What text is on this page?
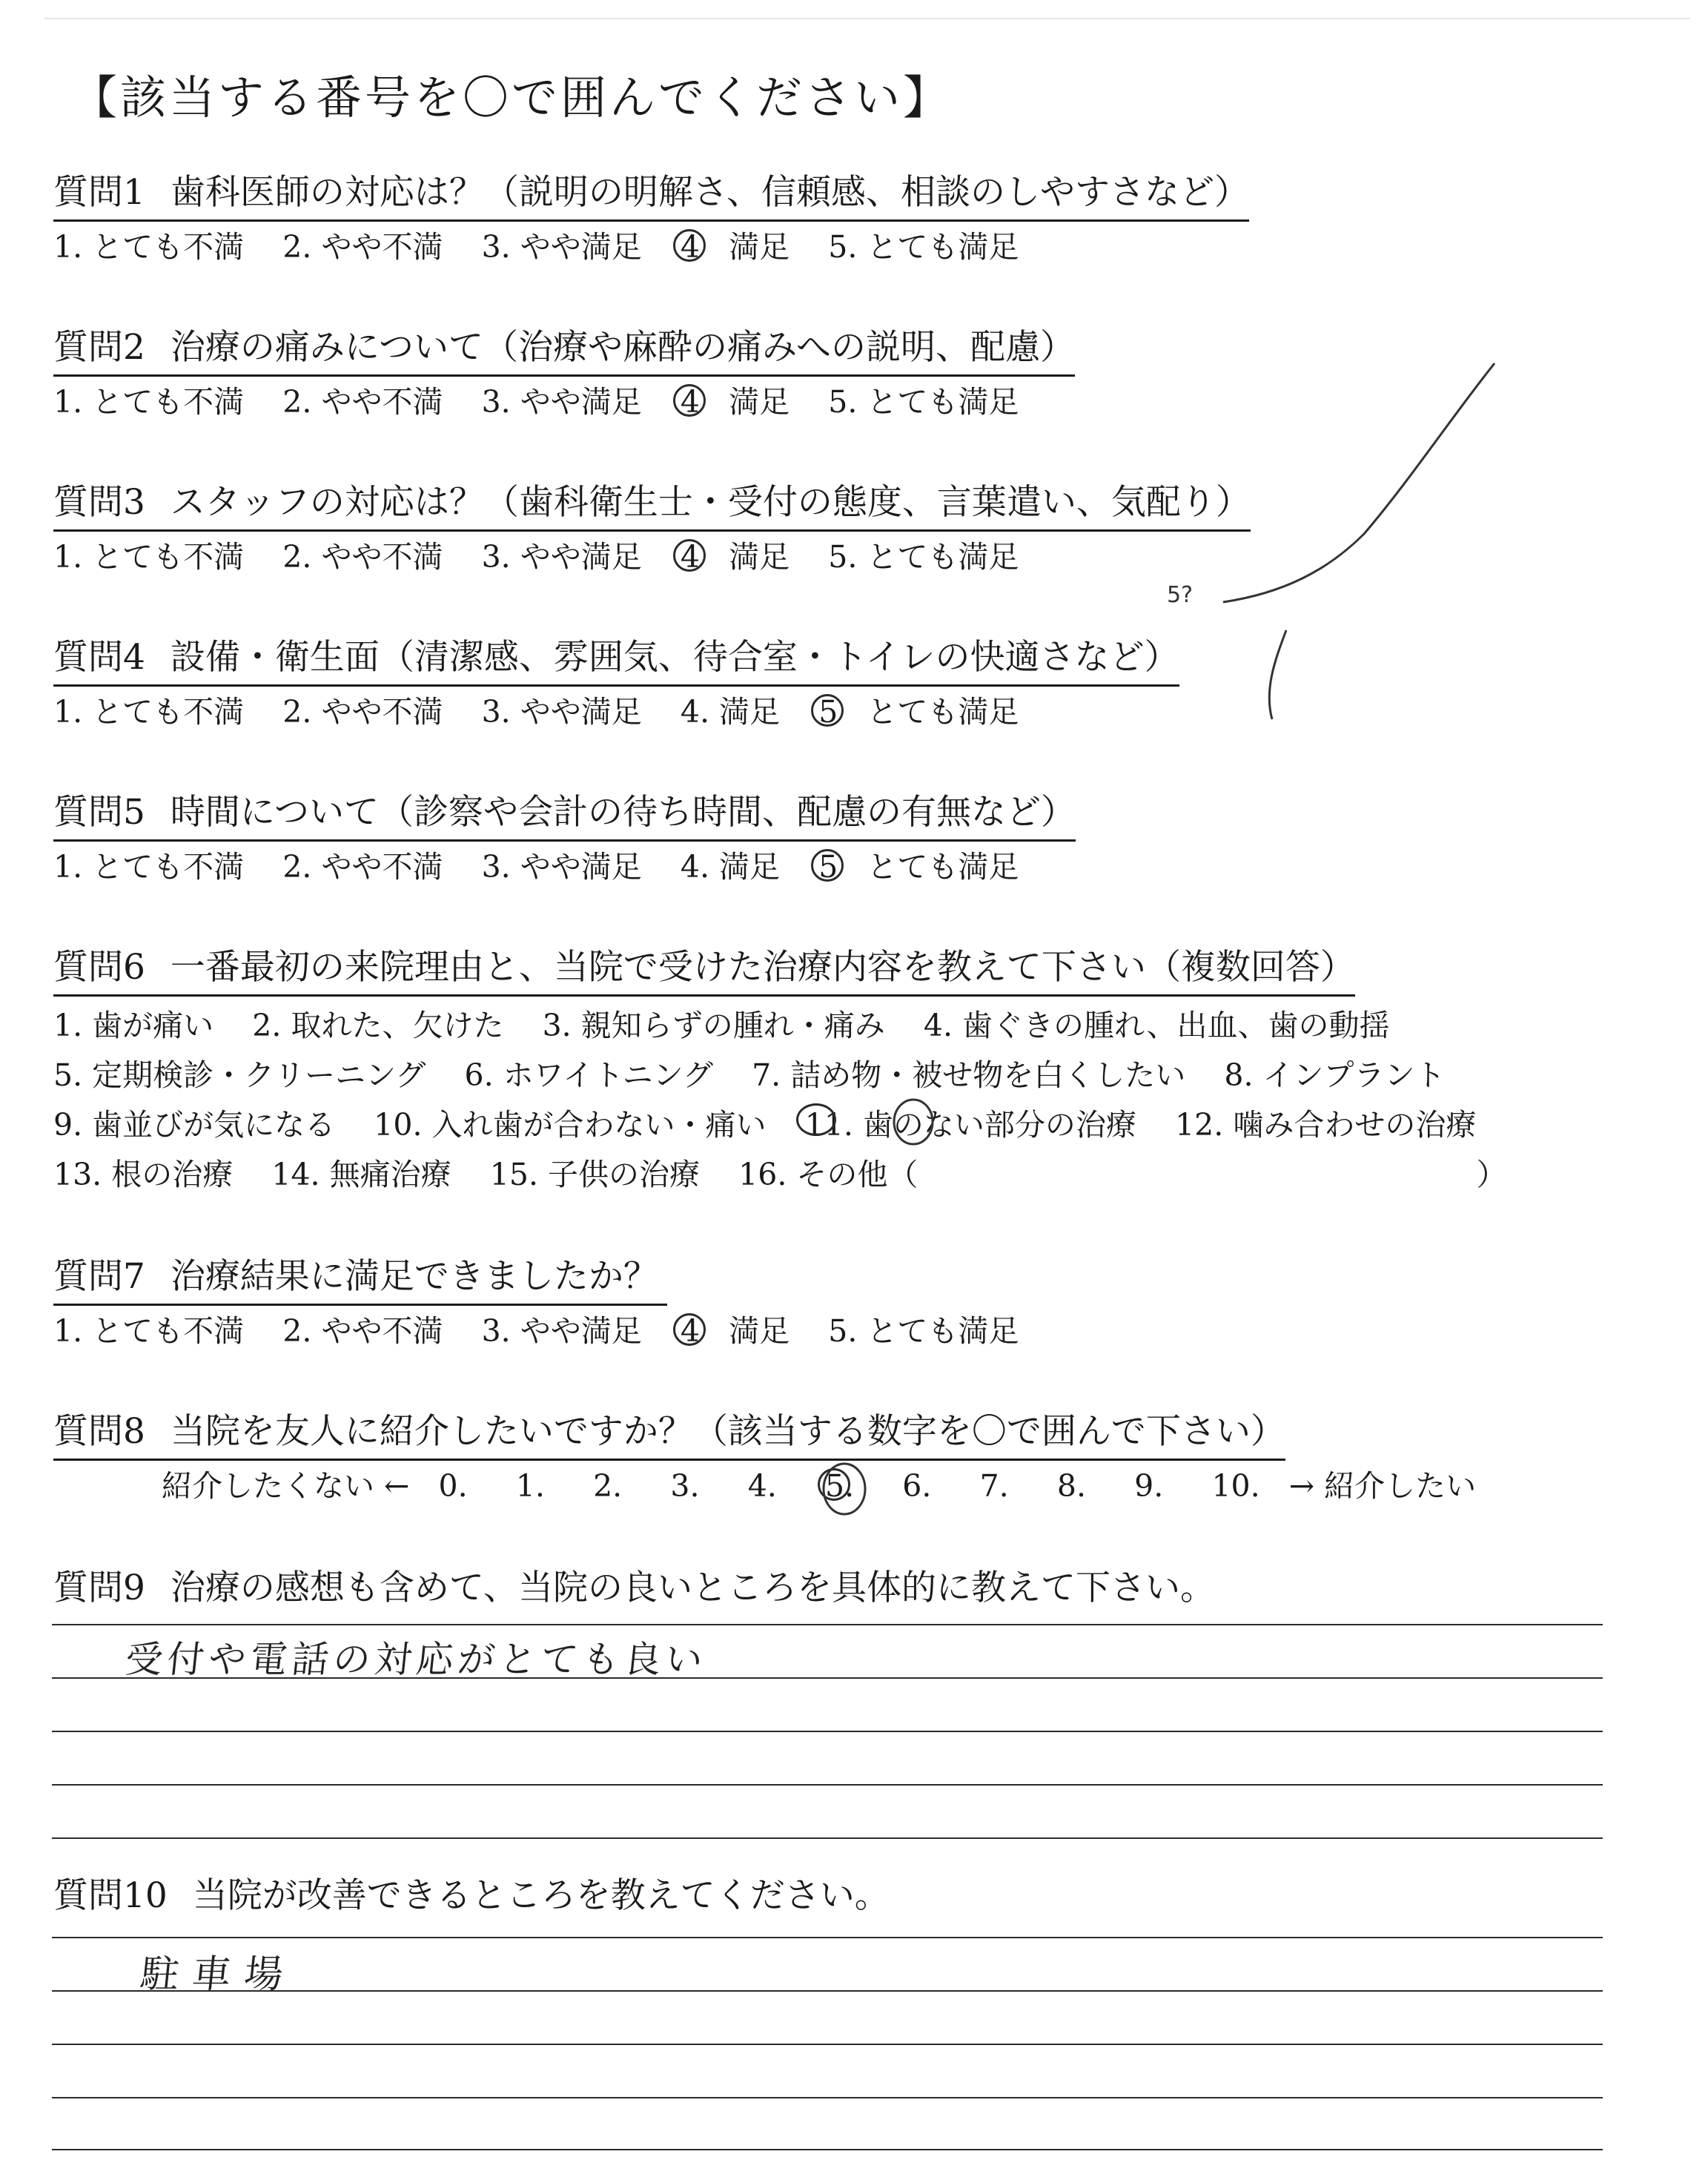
【該当する番号を〇で囲んでください】
質問1 歯科医師の対応は？（説明の明解さ、信頼感、相談のしやすさなど）
1. とても不満 2. やや不満 3. やや満足 4   満足 5. とても満足
質問2 治療の痛みについて（治療や麻酔の痛みへの説明、配慮）
1. とても不満 2. やや不満 3. やや満足 4   満足 5. とても満足
質問3 スタッフの対応は？（歯科衛生士・受付の態度、言葉遣い、気配り）
1. とても不満 2. やや不満 3. やや満足 4   満足 5. とても満足
質問4 設備・衛生面（清潔感、雰囲気、待合室・トイレの快適さなど）
1. とても不満 2. やや不満 3. やや満足 4. 満足 5   とても満足
質問5 時間について（診察や会計の待ち時間、配慮の有無など）
1. とても不満 2. やや不満 3. やや満足 4. 満足 5   とても満足
質問6 一番最初の来院理由と、当院で受けた治療内容を教えて下さい（複数回答）
1. 歯が痛い 2. 取れた、欠けた 3. 親知らずの腫れ・痛み 4. 歯ぐきの腫れ、出血、歯の動揺
5. 定期検診・クリーニング 6. ホワイトニング 7. 詰め物・被せ物を白くしたい 8. インプラント
9. 歯並びが気になる 10. 入れ歯が合わない・痛い 11. 歯のない部分の治療 12. 噛み合わせの治療
13. 根の治療 14. 無痛治療 15. 子供の治療 16. その他（	）
質問7 治療結果に満足できましたか？
1. とても不満 2. やや不満 3. やや満足 4   満足 5. とても満足
質問8 当院を友人に紹介したいですか？（該当する数字を〇で囲んで下さい）
紹介したくない ← 0. 1. 2. 3. 4. 5. 6. 7. 8. 9. 10. → 紹介したい
質問9 治療の感想も含めて、当院の良いところを具体的に教えて下さい。
受付や電話の対応がとても良い
質問10 当院が改善できるところを教えてください。
駐車場
5?
